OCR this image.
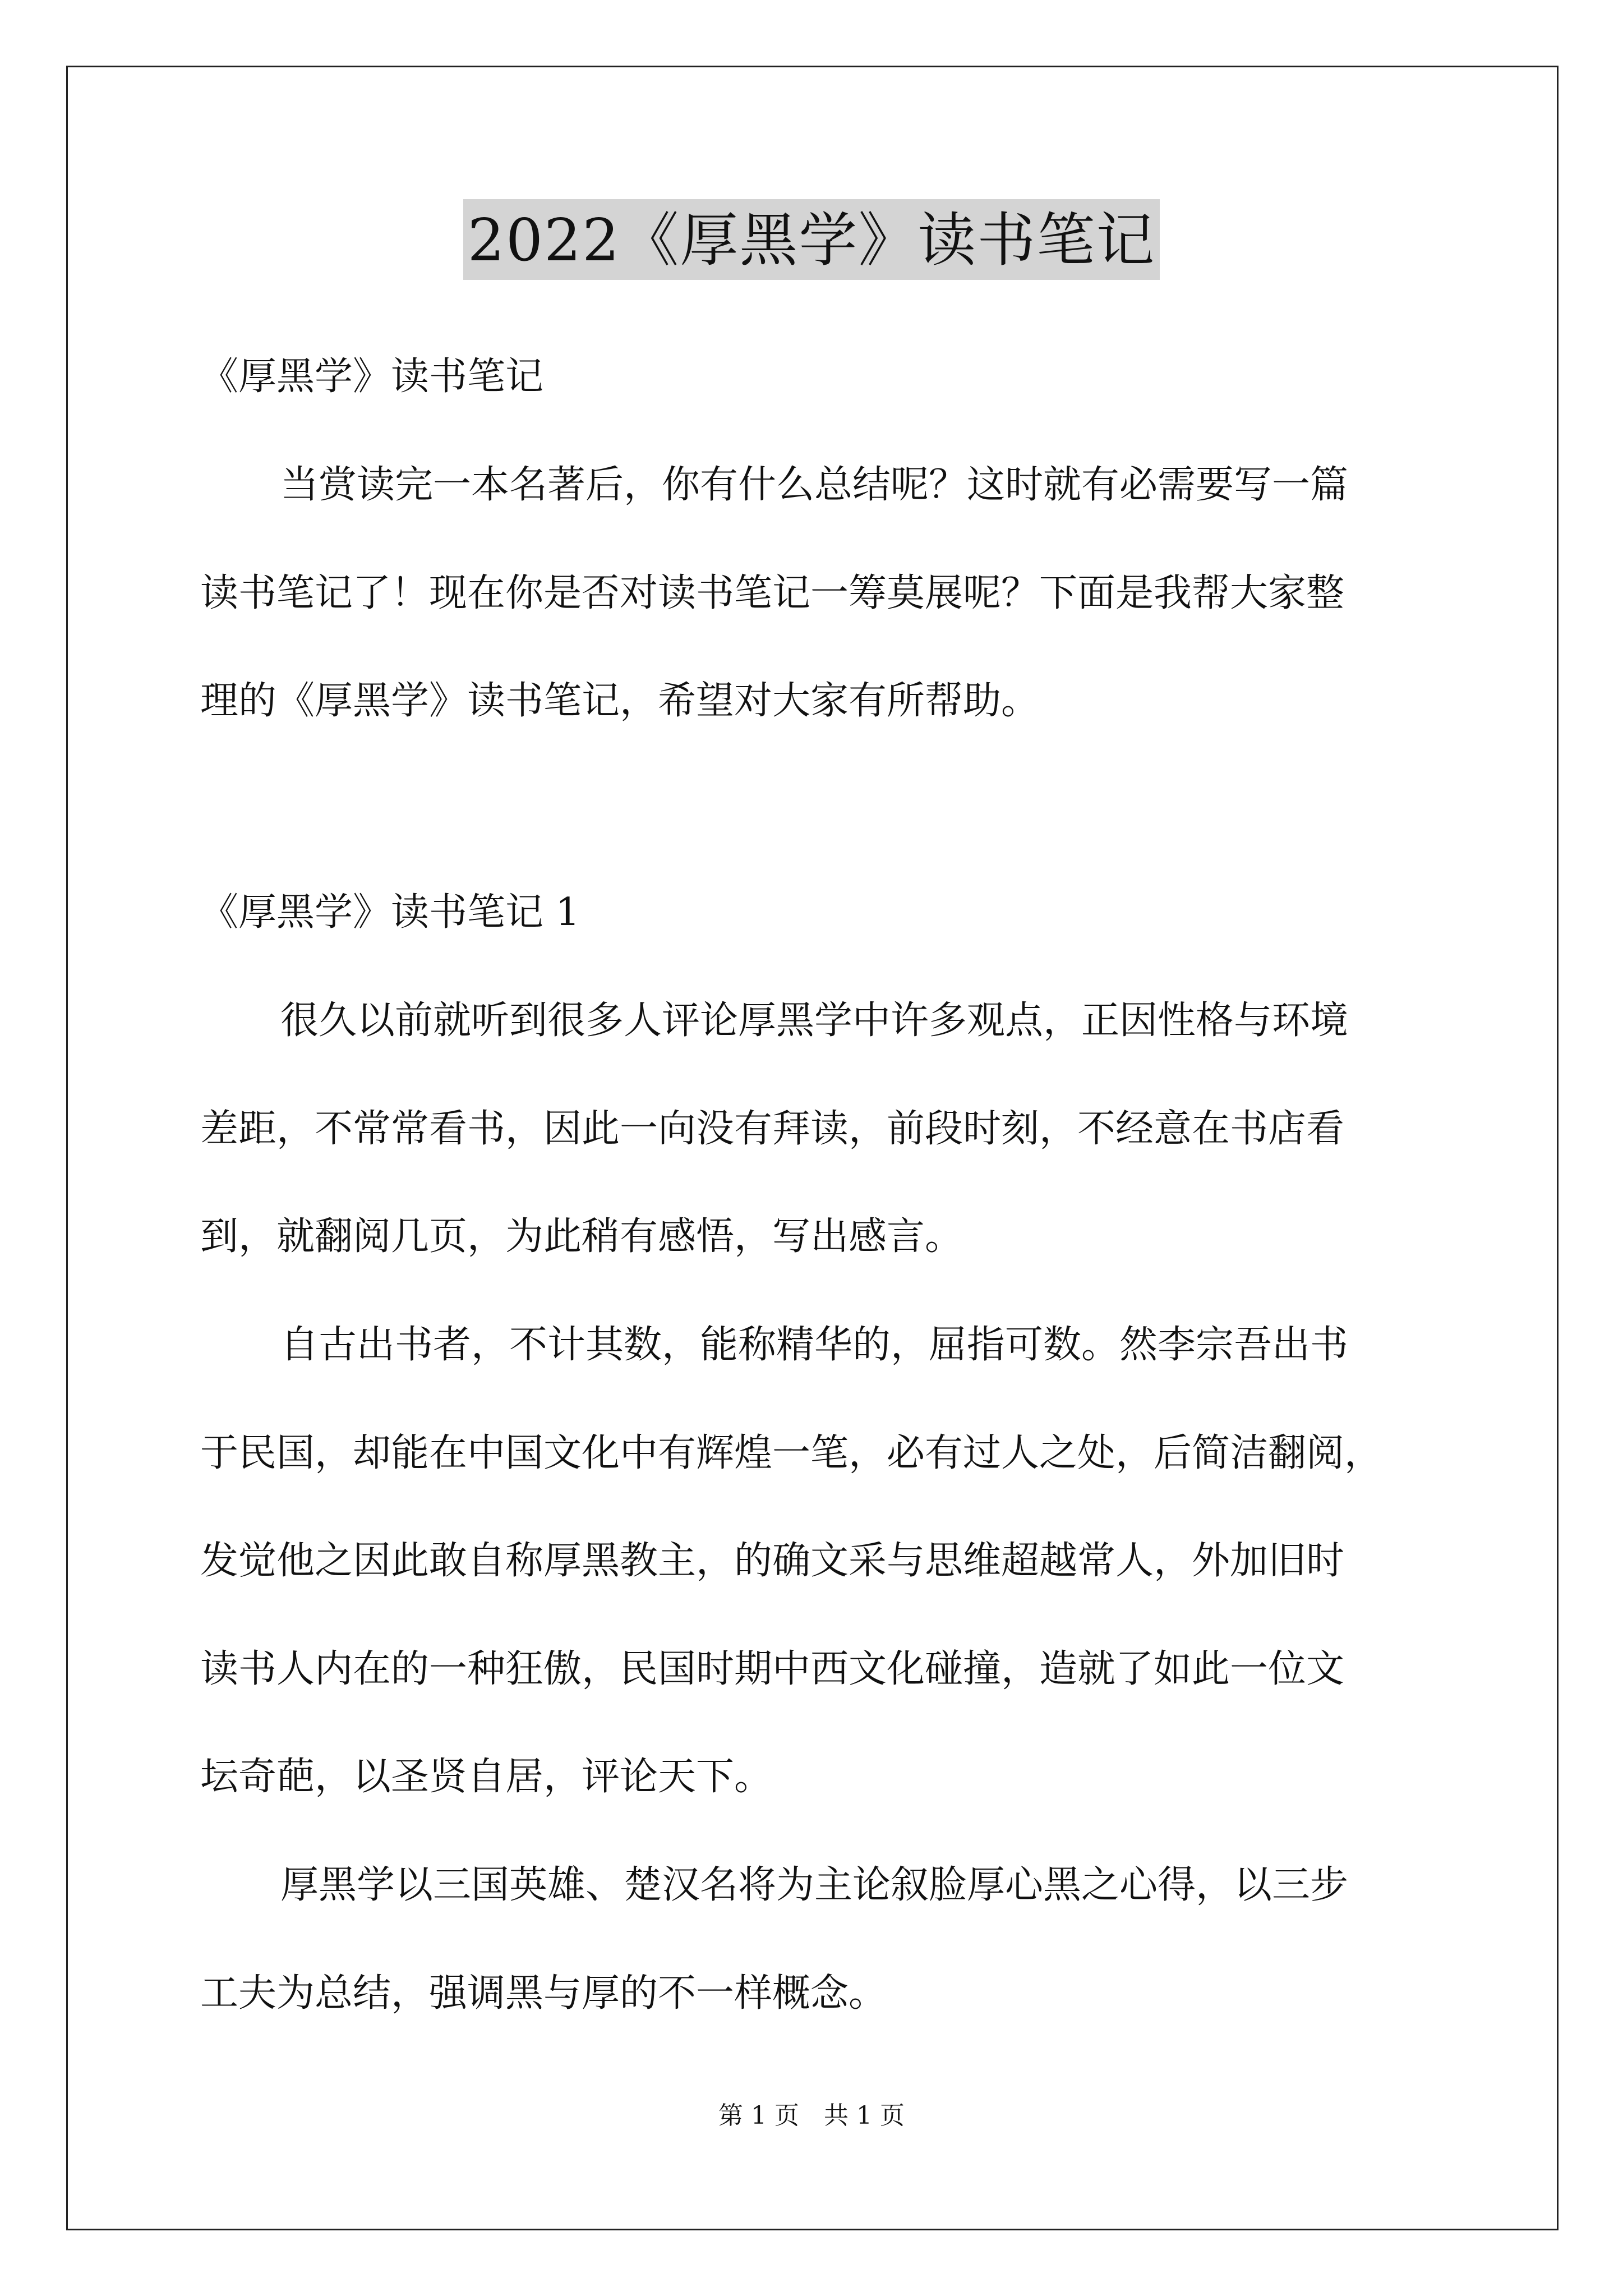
2022《厚黑学》读书笔记
《厚黑学》读书笔记
当赏读完一本名著后，你有什么总结呢？这时就有必需要写一篇
读书笔记了！现在你是否对读书笔记一筹莫展呢？下面是我帮大家整
理的《厚黑学》读书笔记，希望对大家有所帮助。
《厚黑学》读书笔记 1
很久以前就听到很多人评论厚黑学中许多观点，正因性格与环境
差距，不常常看书，因此一向没有拜读，前段时刻，不经意在书店看
到，就翻阅几页，为此稍有感悟，写出感言。
自古出书者，不计其数，能称精华的，屈指可数。然李宗吾出书
于民国，却能在中国文化中有辉煌一笔，必有过人之处，后简洁翻阅，
发觉他之因此敢自称厚黑教主，的确文采与思维超越常人，外加旧时
读书人内在的一种狂傲，民国时期中西文化碰撞，造就了如此一位文
坛奇葩，以圣贤自居，评论天下。
厚黑学以三国英雄、楚汉名将为主论叙脸厚心黑之心得，以三步
工夫为总结，强调黑与厚的不一样概念。
第 1 页　共 1 页
